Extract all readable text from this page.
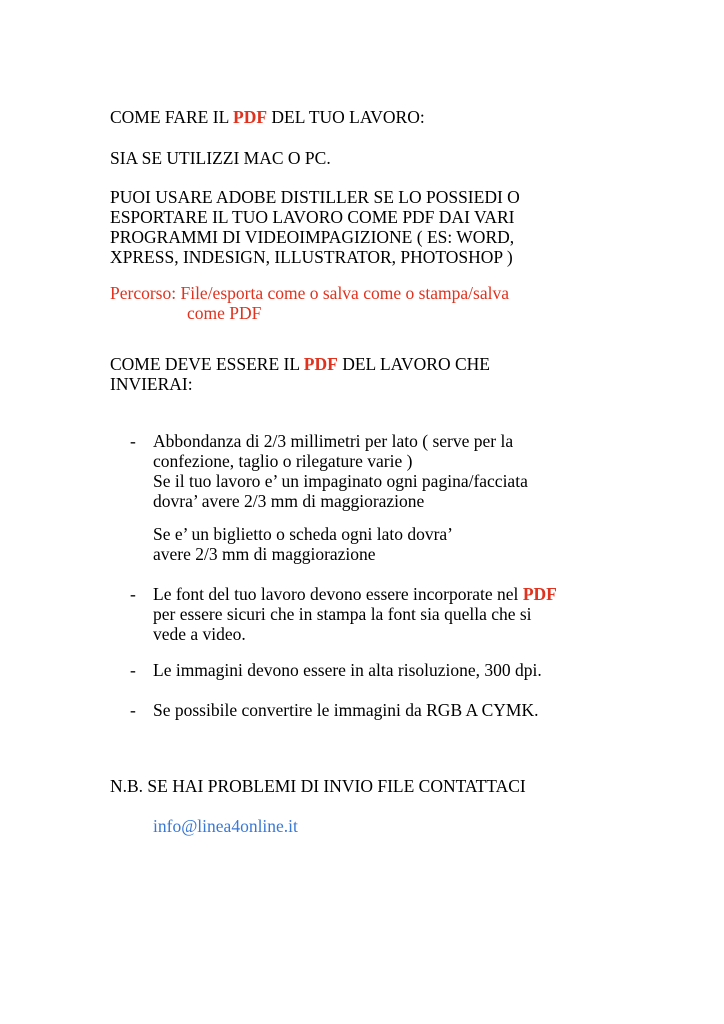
COME FARE IL PDF DEL TUO LAVORO:

SIA SE UTILIZZI MAC O PC.

PUOI USARE ADOBE DISTILLER SE LO POSSIEDI O
ESPORTARE IL TUO LAVORO COME PDF DAI VARI
PROGRAMMI DI VIDEOIMPAGIZIONE ( ES: WORD,
XPRESS, INDESIGN, ILLUSTRATOR, PHOTOSHOP )

Percorso: File/esporta come o salva come o stampa/salva
come PDF

COME DEVE ESSERE IL PDF DEL LAVORO CHE
INVIERAI:

- Abbondanza di 2/3 millimetri per lato ( serve per la
confezione, taglio o rilegature varie )
Se il tuo lavoro e’ un impaginato ogni pagina/facciata
dovra’ avere 2/3 mm di maggiorazione
Se e’ un biglietto o scheda ogni lato dovra’
avere 2/3 mm di maggiorazione
- Le font del tuo lavoro devono essere incorporate nel PDF
per essere sicuri che in stampa la font sia quella che si
vede a video.
- Le immagini devono essere in alta risoluzione, 300 dpi.
- Se possibile convertire le immagini da RGB A CYMK.

N.B. SE HAI PROBLEMI DI INVIO FILE CONTATTACI

info@linea4online.it
